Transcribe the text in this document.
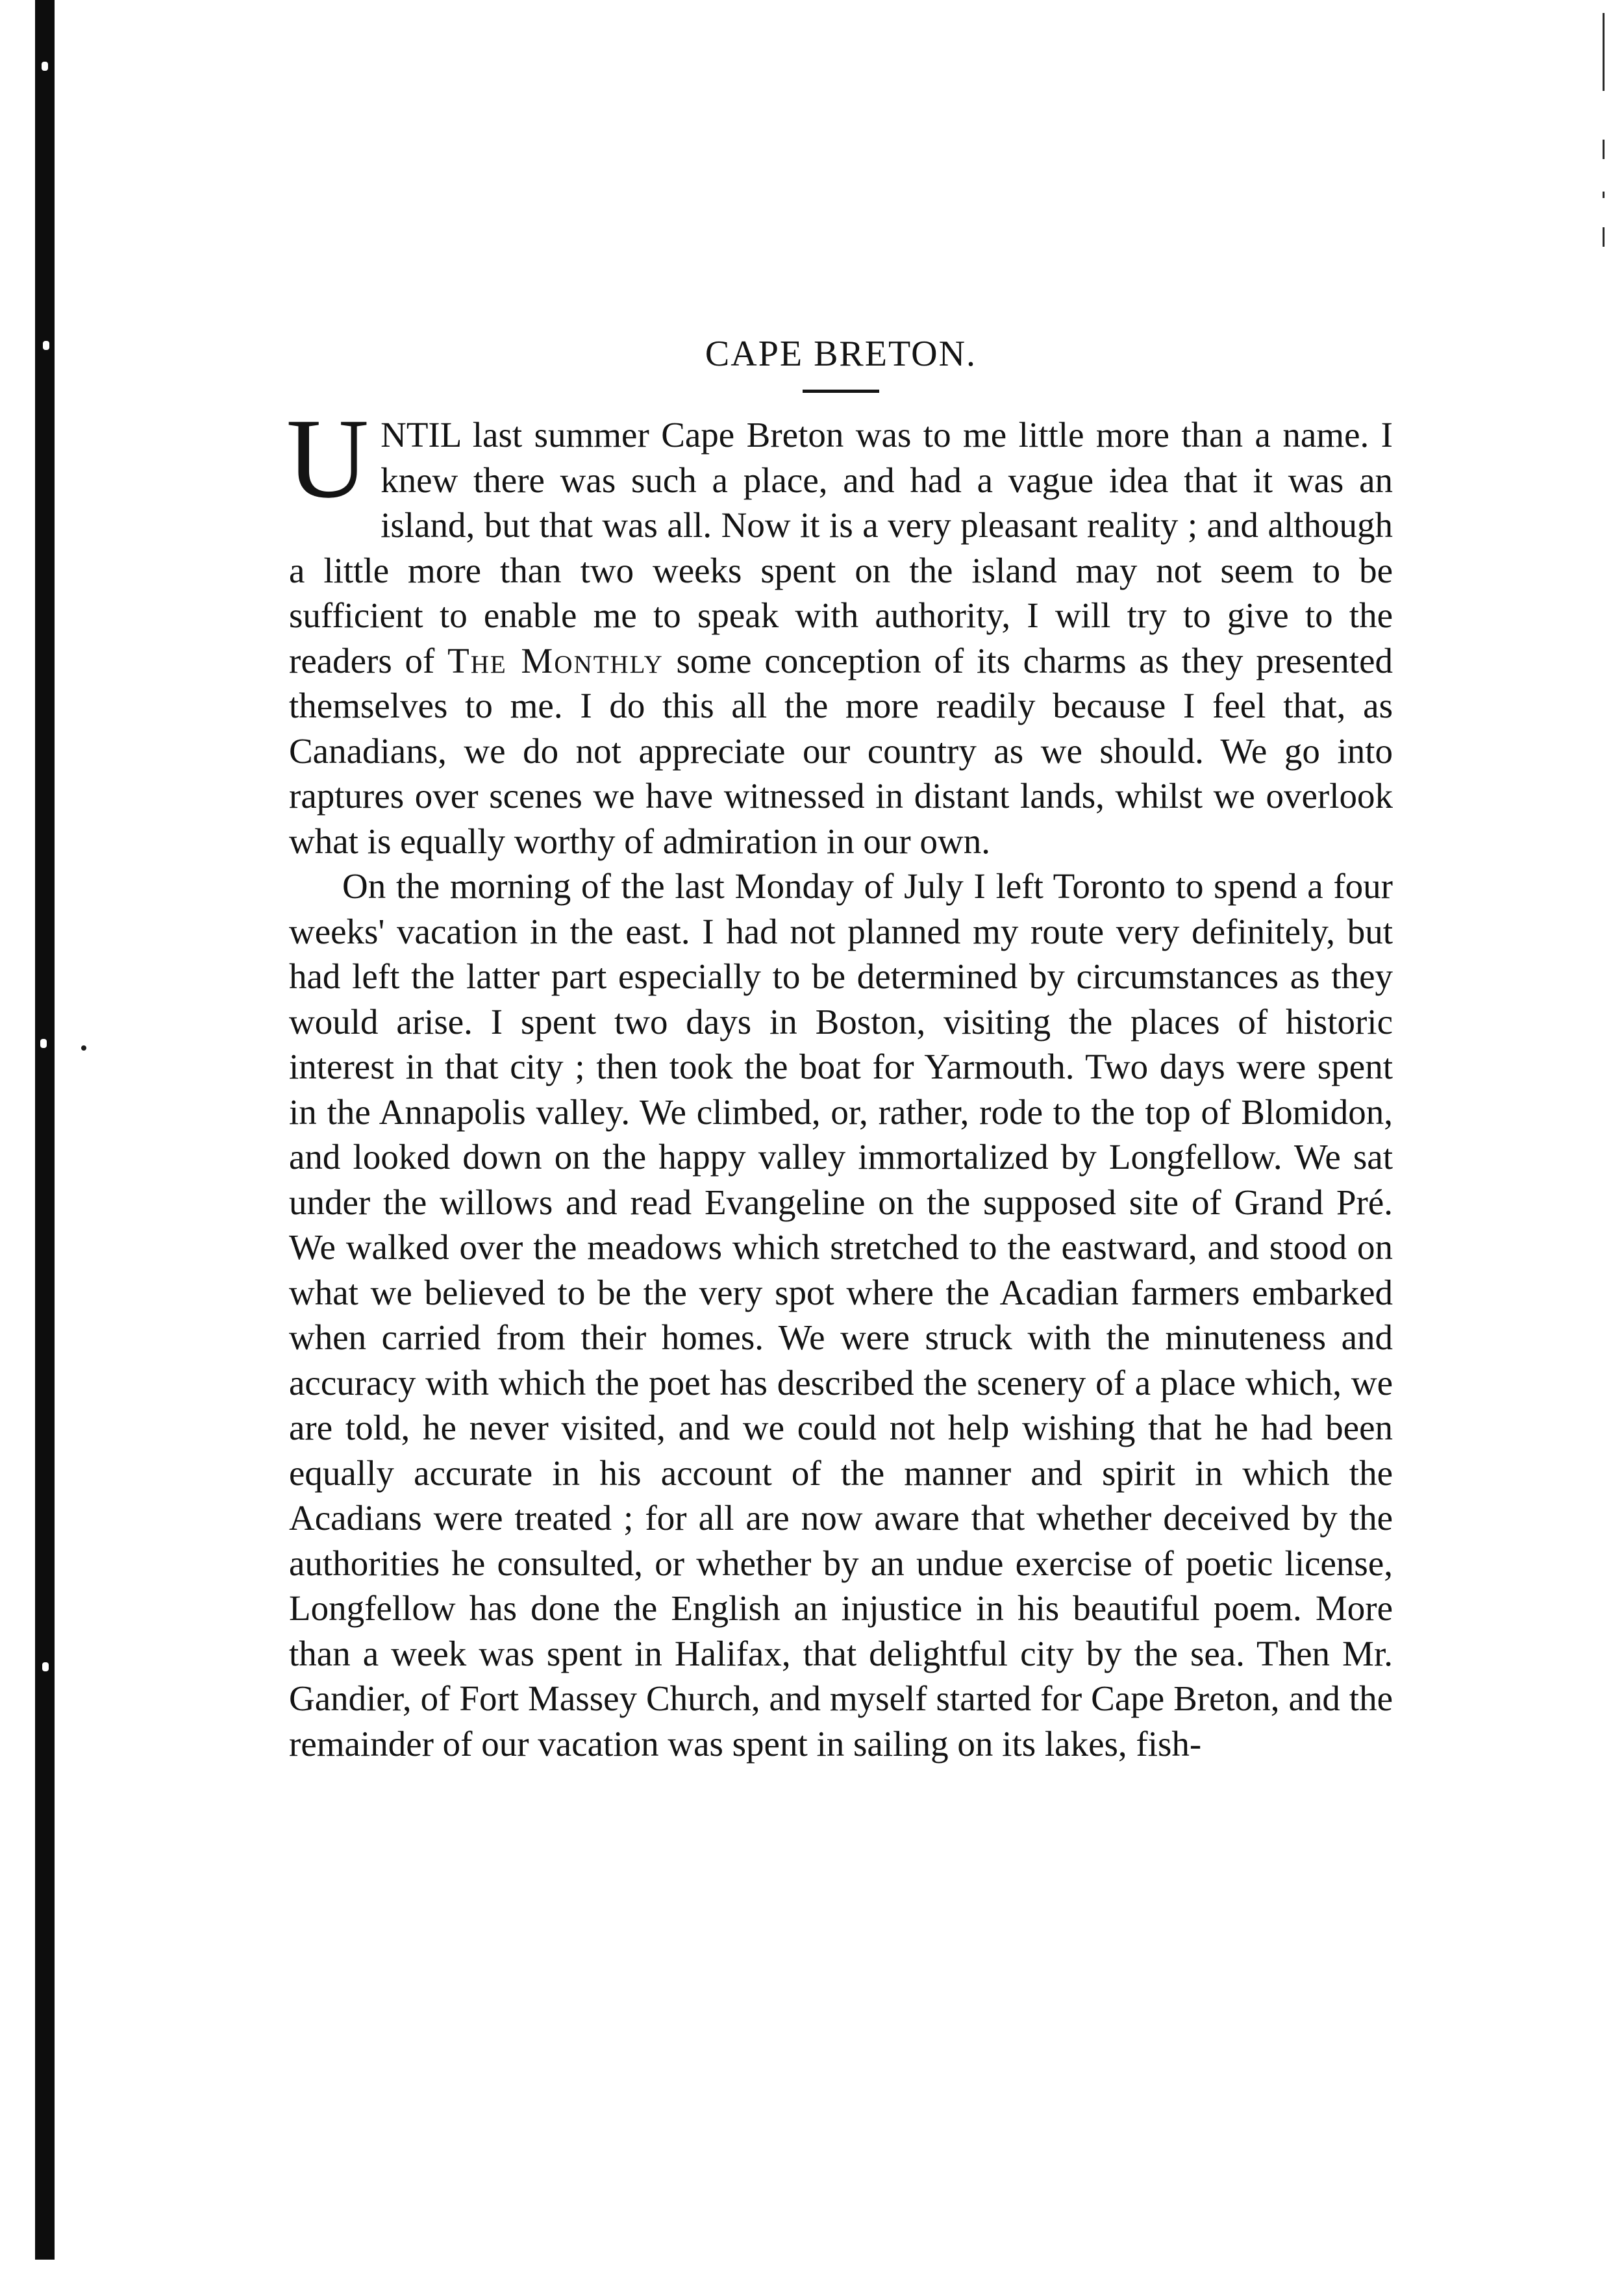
CAPE BRETON.

UNTIL last summer Cape Breton was to me little more than a name. I knew there was such a place, and had a vague idea that it was an island, but that was all. Now it is a very pleasant reality ; and although a little more than two weeks spent on the island may not seem to be sufficient to enable me to speak with authority, I will try to give to the readers of The Monthly some conception of its charms as they presented themselves to me. I do this all the more readily because I feel that, as Canadians, we do not appreciate our country as we should. We go into raptures over scenes we have witnessed in distant lands, whilst we overlook what is equally worthy of admiration in our own.

On the morning of the last Monday of July I left Toronto to spend a four weeks' vacation in the east. I had not planned my route very definitely, but had left the latter part especially to be determined by circumstances as they would arise. I spent two days in Boston, visiting the places of historic interest in that city ; then took the boat for Yarmouth. Two days were spent in the Annapolis valley. We climbed, or, rather, rode to the top of Blomidon, and looked down on the happy valley immortalized by Longfellow. We sat under the willows and read Evangeline on the supposed site of Grand Pré. We walked over the meadows which stretched to the eastward, and stood on what we believed to be the very spot where the Acadian farmers embarked when carried from their homes. We were struck with the minuteness and accuracy with which the poet has described the scenery of a place which, we are told, he never visited, and we could not help wishing that he had been equally accurate in his account of the manner and spirit in which the Acadians were treated ; for all are now aware that whether deceived by the authorities he consulted, or whether by an undue exercise of poetic license, Longfellow has done the English an injustice in his beautiful poem. More than a week was spent in Halifax, that delightful city by the sea. Then Mr. Gandier, of Fort Massey Church, and myself started for Cape Breton, and the remainder of our vacation was spent in sailing on its lakes, fish-
